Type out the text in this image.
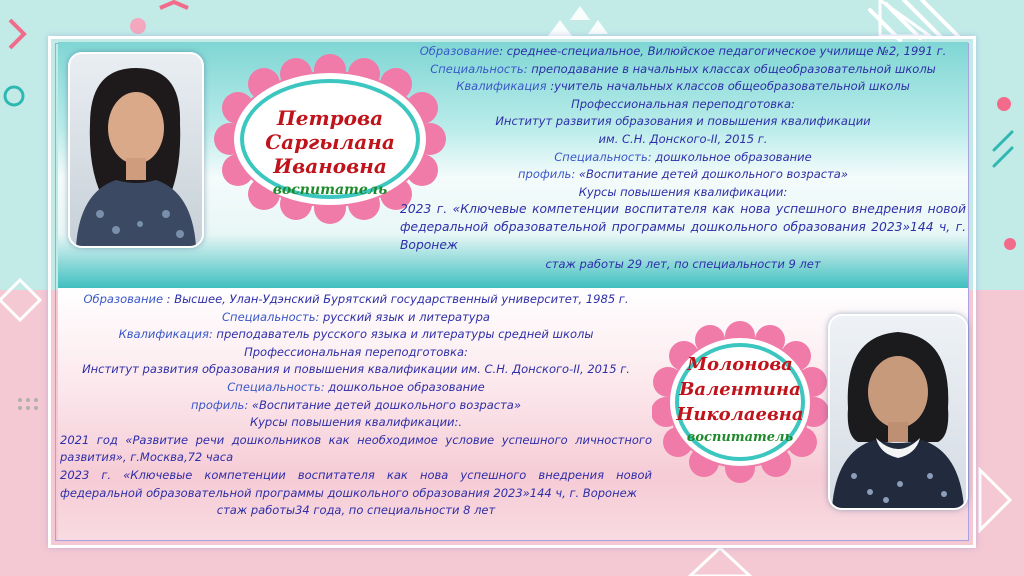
Петрова
Саргылана Ивановна
воспитатель
Образование: среднее-специальное, Вилюйское педагогическое училище №2, 1991 г.
Специальность: преподавание в начальных классах общеобразовательной школы
Квалификация :учитель начальных классов общеобразовательной школы
Профессиональная переподготовка:
Институт развития образования и повышения квалификации
им. С.Н. Донского-II, 2015 г.
Специальность: дошкольное образование
профиль: «Воспитание детей дошкольного возраста»
Курсы повышения квалификации:
2023 г. «Ключевые компетенции воспитателя как нова успешного внедрения новой федеральной образовательной программы дошкольного образования 2023»144 ч, г. Воронеж
стаж работы 29 лет, по специальности 9 лет
Образование : Высшее, Улан-Удэнский Бурятский государственный университет, 1985 г.
Специальность: русский язык и литература
Квалификация: преподаватель русского языка и литературы средней школы
Профессиональная переподготовка:
Институт развития образования и повышения квалификации им. С.Н. Донского-II, 2015 г.
Специальность: дошкольное образование
профиль: «Воспитание детей дошкольного возраста»
Курсы повышения квалификации:.
2021 год «Развитие речи дошкольников как необходимое условие успешного личностного развития», г.Москва,72 часа
2023 г. «Ключевые компетенции воспитателя как нова успешного внедрения новой федеральной образовательной программы дошкольного образования 2023»144 ч, г. Воронеж
стаж работы34 года, по специальности 8 лет
Молонова
Валентина
Николаевна
воспитатель
